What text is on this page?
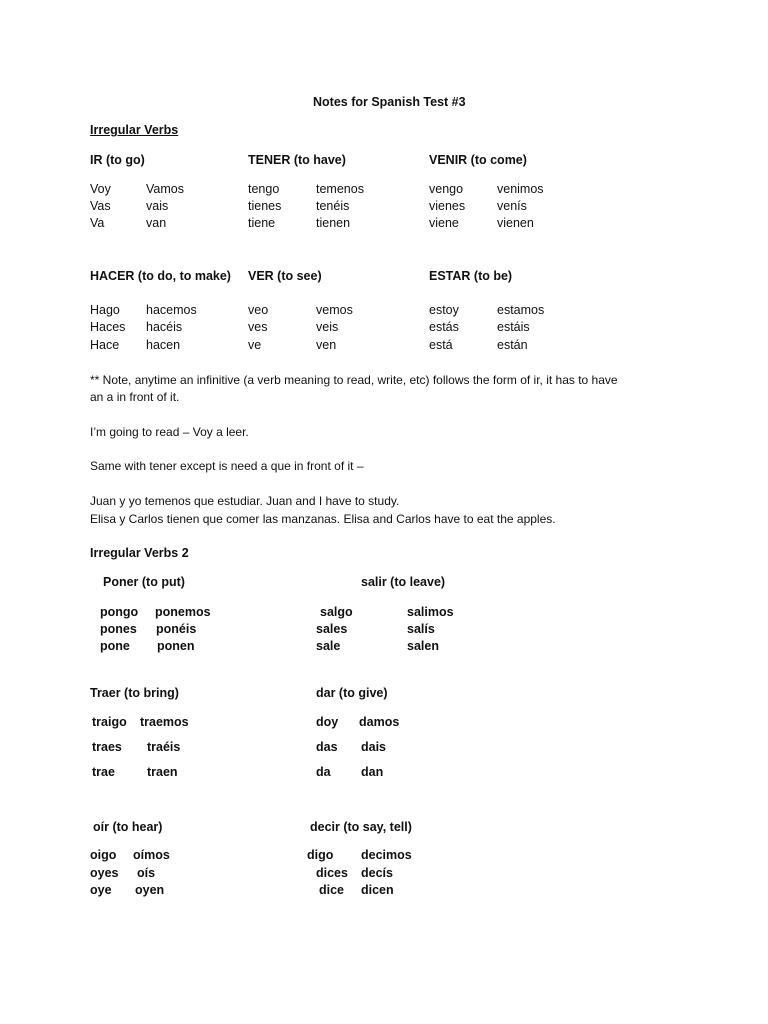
Notes for Spanish Test #3
Irregular Verbs
IR (to go)
Voy	Vamos
Vas	vais
Va	van
TENER (to have)
tengo	temenos
tienes	tenéis
tiene	tienen
VENIR (to come)
vengo	venimos
vienes	venís
viene	vienen
HACER (to do, to make)
Hago hacemos
Haces hacéis
Hace hacen
VER (to see)
veo	vemos
ves	veis
ve	ven
ESTAR (to be)
estoy	estamos
estás	estáis
está	están
** Note, anytime an infinitive (a verb meaning to read, write, etc) follows the form of ir, it has to have
an a in front of it.
I’m going to read – Voy a leer.
Same with tener except is need a que in front of it –
Juan y yo temenos que estudiar. Juan and I have to study.
Elisa y Carlos tienen que comer las manzanas. Elisa and Carlos have to eat the apples.
Irregular Verbs 2
Poner (to put)
pongo ponemos
pones ponéis
pone ponen
salir (to leave)
salgo	salimos
sales	salís
sale	salen
Traer (to bring)
traigo traemos
traes traéis
trae	traen
dar (to give)
doy damos
das dais
da dan
oír (to hear)
oigo oímos
oyes oís
oye oyen
decir (to say, tell)
digo decimos
dices decís
dice dicen
